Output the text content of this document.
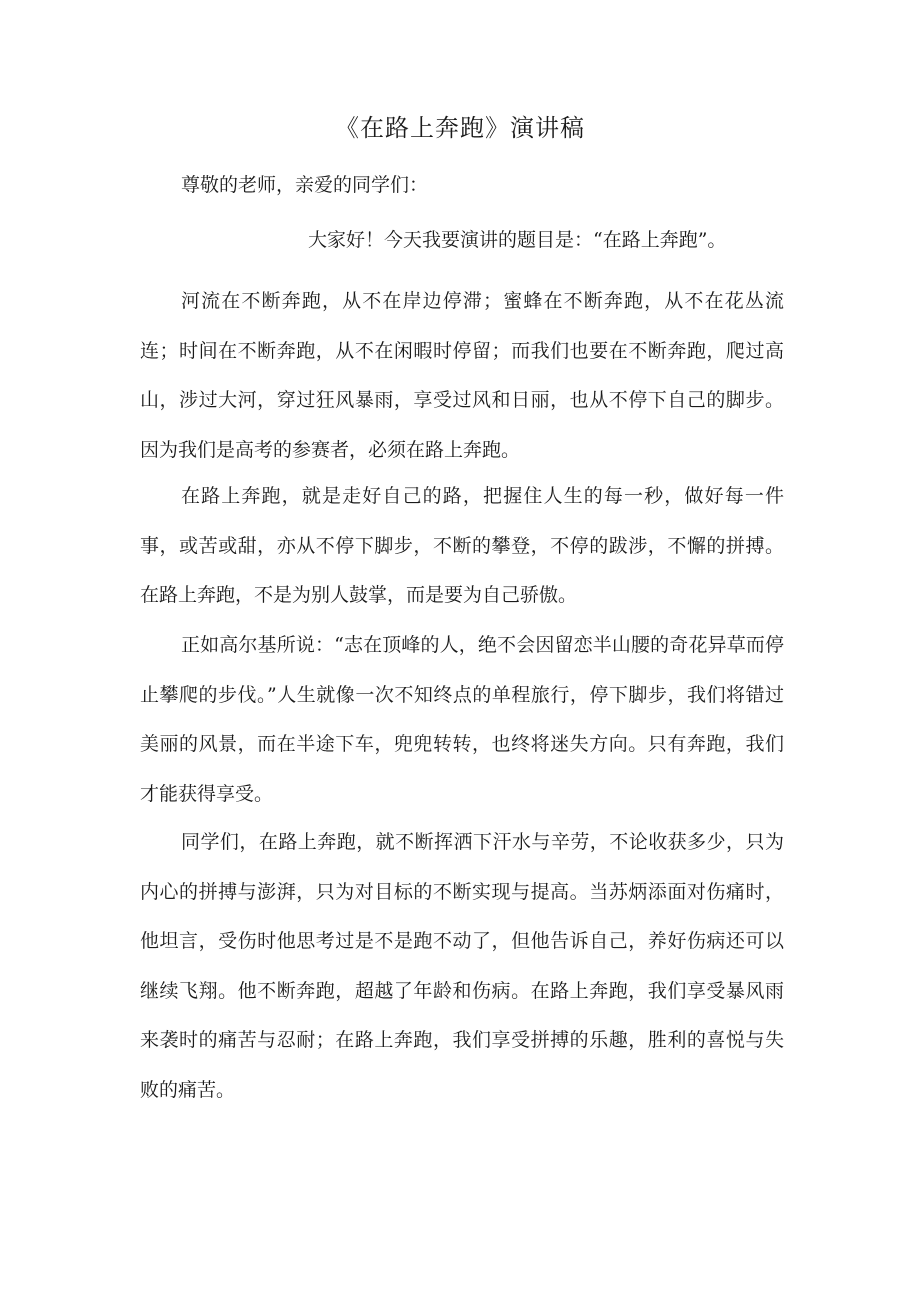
《在路上奔跑》演讲稿
尊敬的老师，亲爱的同学们：
大家好！今天我要演讲的题目是：“在路上奔跑”。

河流在不断奔跑，从不在岸边停滞；蜜蜂在不断奔跑，从不在花丛流连；时间在不断奔跑，从不在闲暇时停留；而我们也要在不断奔跑，爬过高山，涉过大河，穿过狂风暴雨，享受过风和日丽，也从不停下自己的脚步。因为我们是高考的参赛者，必须在路上奔跑。

在路上奔跑，就是走好自己的路，把握住人生的每一秒，做好每一件事，或苦或甜，亦从不停下脚步，不断的攀登，不停的跋涉，不懈的拼搏。在路上奔跑，不是为别人鼓掌，而是要为自己骄傲。

正如高尔基所说：“志在顶峰的人，绝不会因留恋半山腰的奇花异草而停止攀爬的步伐。”人生就像一次不知终点的单程旅行，停下脚步，我们将错过美丽的风景，而在半途下车，兜兜转转，也终将迷失方向。只有奔跑，我们才能获得享受。

同学们，在路上奔跑，就不断挥洒下汗水与辛劳，不论收获多少，只为内心的拼搏与澎湃，只为对目标的不断实现与提高。当苏炳添面对伤痛时，他坦言，受伤时他思考过是不是跑不动了，但他告诉自己，养好伤病还可以继续飞翔。他不断奔跑，超越了年龄和伤病。在路上奔跑，我们享受暴风雨来袭时的痛苦与忍耐；在路上奔跑，我们享受拼搏的乐趣，胜利的喜悦与失败的痛苦。
